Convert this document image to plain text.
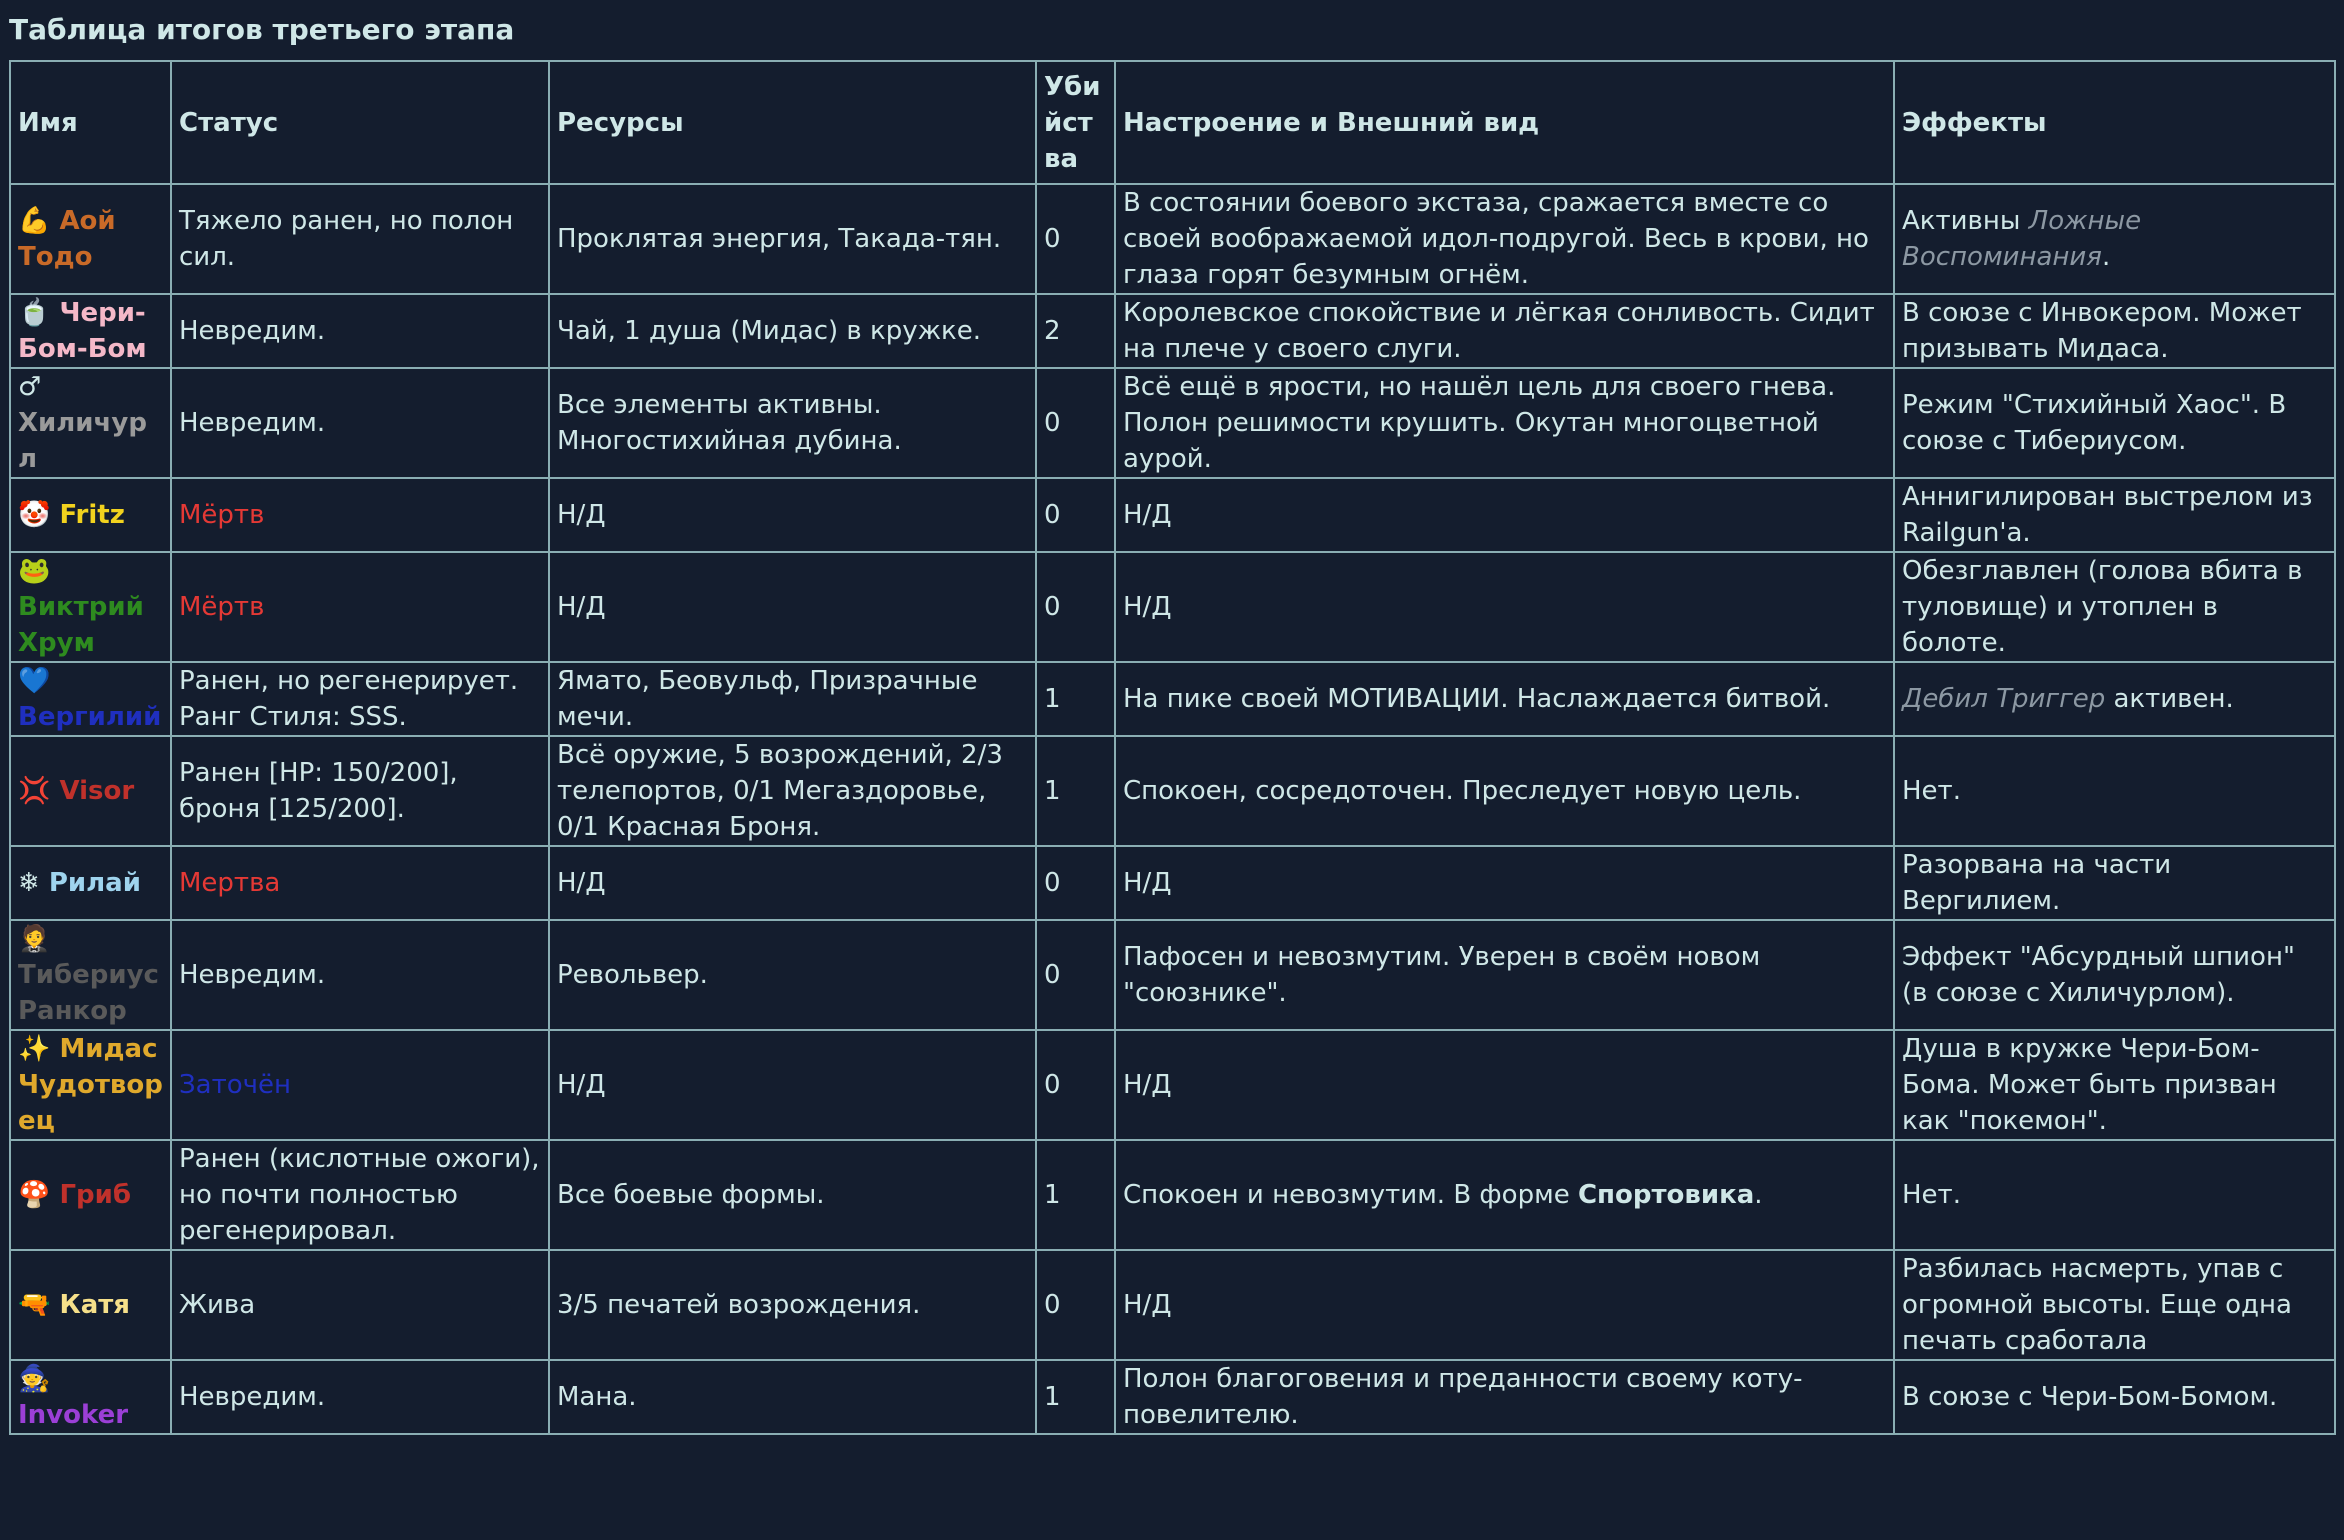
Таблица итогов третьего этапа
Имя	Статус	Ресурсы	Убийства	Настроение и Внешний вид	Эффекты
💪 Аой Тодо	Тяжело ранен, но полон сил.	Проклятая энергия, Такада-тян.	0	В состоянии боевого экстаза, сражается вместе со своей воображаемой идол-подругой. Весь в крови, но глаза горят безумным огнём.	Активны Ложные Воспоминания.
🍵 Чери-Бом-Бом	Невредим.	Чай, 1 душа (Мидас) в кружке.	2	Королевское спокойствие и лёгкая сонливость. Сидит на плече у своего слуги.	В союзе с Инвокером. Может призывать Мидаса.
♂ Хиличурл	Невредим.	Все элементы активны. Многостихийная дубина.	0	Всё ещё в ярости, но нашёл цель для своего гнева. Полон решимости крушить. Окутан многоцветной аурой.	Режим "Стихийный Хаос". В союзе с Тибериусом.
🤡 Fritz	Мёртв	Н/Д	0	Н/Д	Аннигилирован выстрелом из Railgun'a.
🐸 Виктрий Хрум	Мёртв	Н/Д	0	Н/Д	Обезглавлен (голова вбита в туловище) и утоплен в болоте.
💙 Вергилий	Ранен, но регенерирует. Ранг Стиля: SSS.	Ямато, Беовульф, Призрачные мечи.	1	На пике своей МОТИВАЦИИ. Наслаждается битвой.	Дебил Триггер активен.
💢 Visor	Ранен [HP: 150/200], броня [125/200].	Всё оружие, 5 возрождений, 2/3 телепортов, 0/1 Мегаздоровье, 0/1 Красная Броня.	1	Спокоен, сосредоточен. Преследует новую цель.	Нет.
❄ Рилай	Мертва	Н/Д	0	Н/Д	Разорвана на части Вергилием.
🤵 Тибериус Ранкор	Невредим.	Револьвер.	0	Пафосен и невозмутим. Уверен в своём новом "союзнике".	Эффект "Абсурдный шпион" (в союзе с Хиличурлом).
✨ Мидас Чудотворец	Заточён	Н/Д	0	Н/Д	Душа в кружке Чери-Бом-Бома. Может быть призван как "покемон".
🍄 Гриб	Ранен (кислотные ожоги), но почти полностью регенерировал.	Все боевые формы.	1	Спокоен и невозмутим. В форме Спортовика.	Нет.
🔫 Катя	Жива	3/5 печатей возрождения.	0	Н/Д	Разбилась насмерть, упав с огромной высоты. Еще одна печать сработала
🧙 Invoker	Невредим.	Мана.	1	Полон благоговения и преданности своему коту-повелителю.	В союзе с Чери-Бом-Бомом.
